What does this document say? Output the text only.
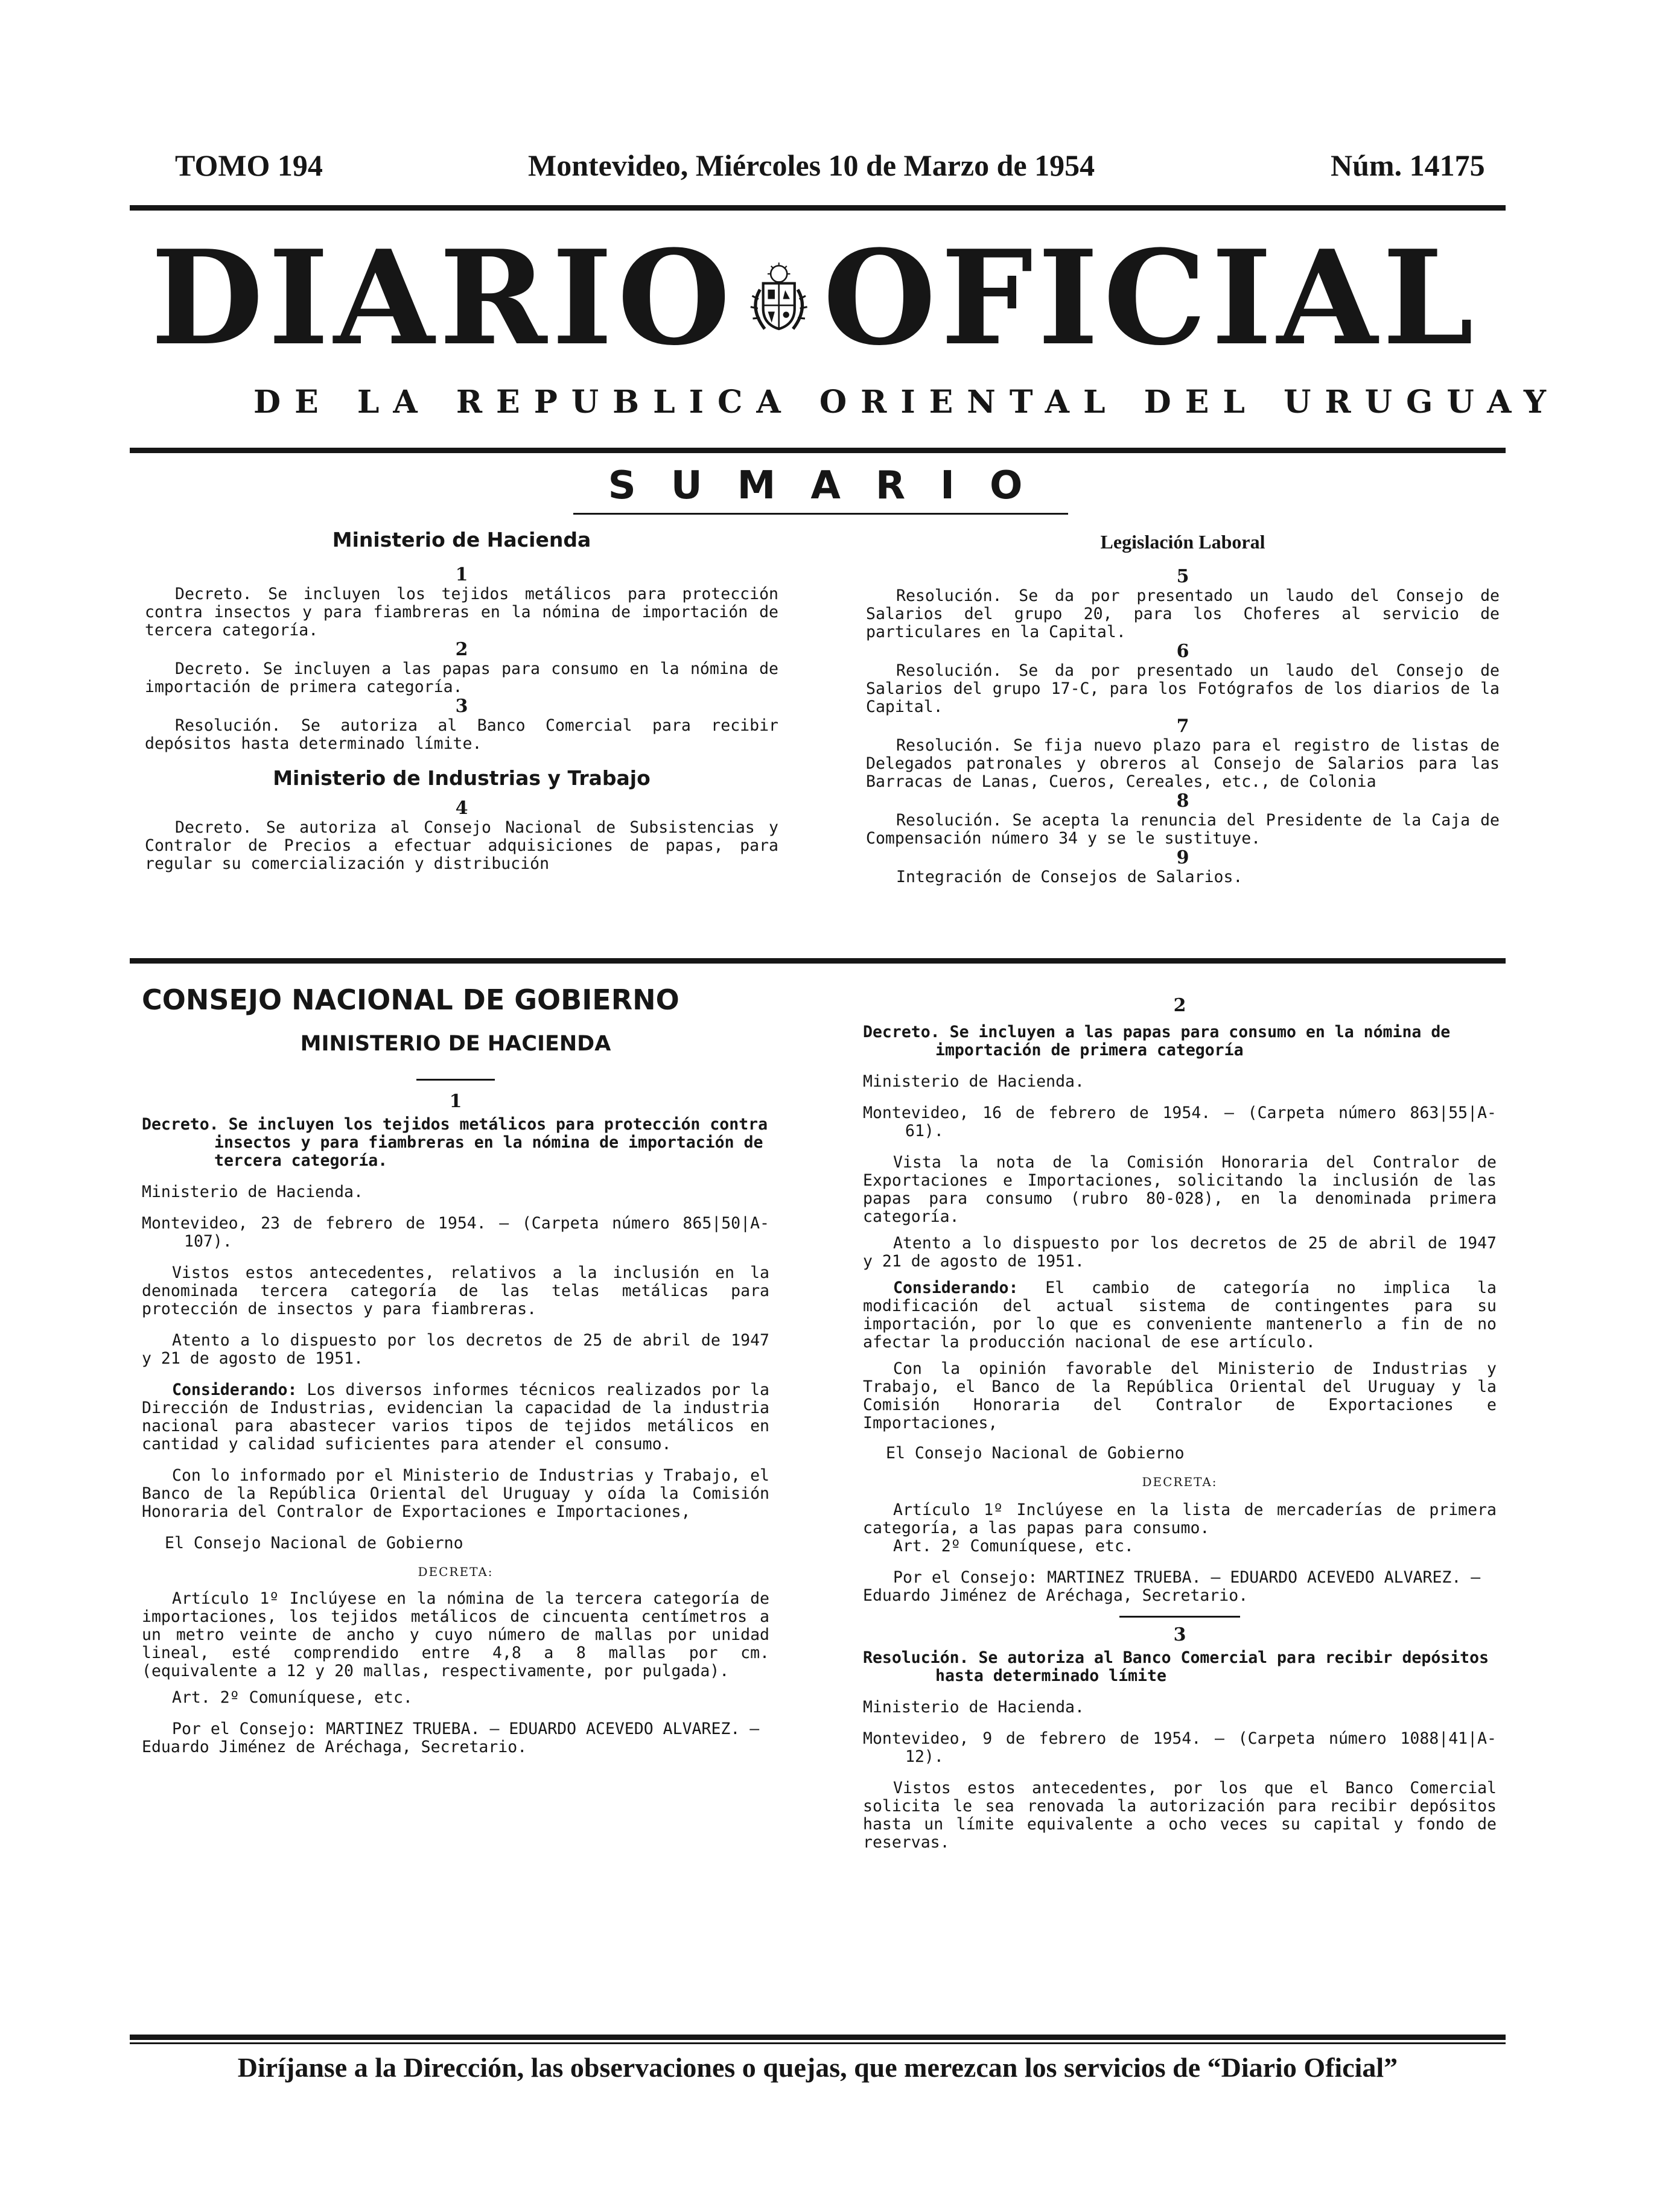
TOMO 194	Montevideo, Miércoles 10 de Marzo de 1954	Núm. 14175
DIARIO OFICIAL
DE LA REPUBLICA ORIENTAL DEL URUGUAY
SUMARIO
Ministerio de Hacienda
1

Decreto. Se incluyen los tejidos metálicos para protección contra insectos y para fiambreras en la nómina de importación de tercera categoría.

2

Decreto. Se incluyen a las papas para consumo en la nómina de importación de primera categoría.

3

Resolución. Se autoriza al Banco Comercial para recibir depósitos hasta determinado límite.

Ministerio de Industrias y Trabajo
4

Decreto. Se autoriza al Consejo Nacional de Subsistencias y Contralor de Precios a efectuar adquisiciones de papas, para regular su comercialización y distribución

Legislación Laboral
5

Resolución. Se da por presentado un laudo del Consejo de Salarios del grupo 20, para los Choferes al servicio de particulares en la Capital.

6

Resolución. Se da por presentado un laudo del Consejo de Salarios del grupo 17-C, para los Fotógrafos de los diarios de la Capital.

7

Resolución. Se fija nuevo plazo para el registro de listas de Delegados patronales y obreros al Consejo de Salarios para las Barracas de Lanas, Cueros, Cereales, etc., de Colonia

8

Resolución. Se acepta la renuncia del Presidente de la Caja de Compensación número 34 y se le sustituye.

9

Integración de Consejos de Salarios.

CONSEJO NACIONAL DE GOBIERNO
MINISTERIO DE HACIENDA
1

Decreto. Se incluyen los tejidos metálicos para protección contra insectos y para fiambreras en la nómina de importación de tercera categoría.

Ministerio de Hacienda.

Montevideo, 23 de febrero de 1954. — (Carpeta número 865|50|A-107).

Vistos estos antecedentes, relativos a la inclusión en la denominada tercera categoría de las telas metálicas para protección de insectos y para fiambreras.

Atento a lo dispuesto por los decretos de 25 de abril de 1947 y 21 de agosto de 1951.

Considerando: Los diversos informes técnicos realizados por la Dirección de Industrias, evidencian la capacidad de la industria nacional para abastecer varios tipos de tejidos metálicos en cantidad y calidad suficientes para atender el consumo.

Con lo informado por el Ministerio de Industrias y Trabajo, el Banco de la República Oriental del Uruguay y oída la Comisión Honoraria del Contralor de Exportaciones e Importaciones,

El Consejo Nacional de Gobierno

DECRETA:

Artículo 1º Inclúyese en la nómina de la tercera categoría de importaciones, los tejidos metálicos de cincuenta centímetros a un metro veinte de ancho y cuyo número de mallas por unidad lineal, esté comprendido entre 4,8 a 8 mallas por cm. (equivalente a 12 y 20 mallas, respectivamente, por pulgada).

Art. 2º Comuníquese, etc.

Por el Consejo: MARTINEZ TRUEBA. — EDUARDO ACEVEDO ALVAREZ. — Eduardo Jiménez de Aréchaga, Secretario.

2

Decreto. Se incluyen a las papas para consumo en la nómina de importación de primera categoría

Ministerio de Hacienda.

Montevideo, 16 de febrero de 1954. — (Carpeta número 863|55|A-61).

Vista la nota de la Comisión Honoraria del Contralor de Exportaciones e Importaciones, solicitando la inclusión de las papas para consumo (rubro 80-028), en la denominada primera categoría.

Atento a lo dispuesto por los decretos de 25 de abril de 1947 y 21 de agosto de 1951.

Considerando: El cambio de categoría no implica la modificación del actual sistema de contingentes para su importación, por lo que es conveniente mantenerlo a fin de no afectar la producción nacional de ese artículo.

Con la opinión favorable del Ministerio de Industrias y Trabajo, el Banco de la República Oriental del Uruguay y la Comisión Honoraria del Contralor de Exportaciones e Importaciones,

El Consejo Nacional de Gobierno

DECRETA:

Artículo 1º Inclúyese en la lista de mercaderías de primera categoría, a las papas para consumo.

Art. 2º Comuníquese, etc.

Por el Consejo: MARTINEZ TRUEBA. — EDUARDO ACEVEDO ALVAREZ. — Eduardo Jiménez de Aréchaga, Secretario.

3

Resolución. Se autoriza al Banco Comercial para recibir depósitos hasta determinado límite

Ministerio de Hacienda.

Montevideo, 9 de febrero de 1954. — (Carpeta número 1088|41|A-12).

Vistos estos antecedentes, por los que el Banco Comercial solicita le sea renovada la autorización para recibir depósitos hasta un límite equivalente a ocho veces su capital y fondo de reservas.

Diríjanse a la Dirección, las observaciones o quejas, que merezcan los servicios de “Diario Oficial”
